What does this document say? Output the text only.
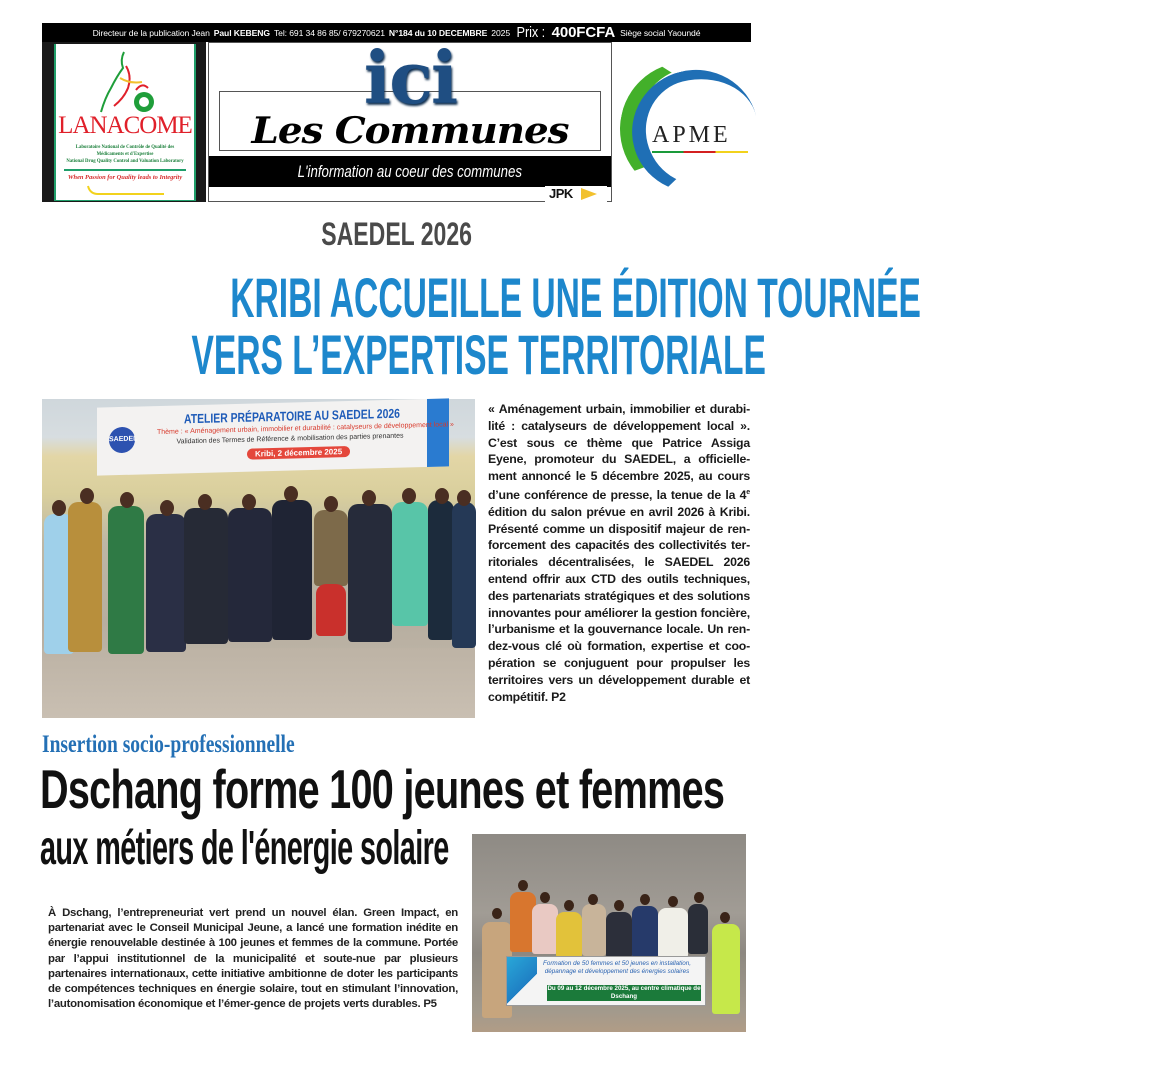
Directeur de la publication Jean Paul KEBENG Tel: 691 34 86 85/ 679270621 N°184 du 10 DECEMBRE 2025 Prix : 400FCFA Siège social Yaoundé
LANACOME
Laboratoire National de Contrôle de Qualité des Médicaments et d'Expertise
National Drug Quality Control and Valuation Laboratory
When Passion for Quality leads to Integrity
ici
Les Communes
L'information au coeur des communes
JPK
APME
SAEDEL 2026
KRIBI ACCUEILLE UNE ÉDITION TOURNÉE
VERS L’EXPERTISE TERRITORIALE
SAEDEL
ATELIER PRÉPARATOIRE AU SAEDEL 2026
Thème : « Aménagement urbain, immobilier et durabilité : catalyseurs de développement local »
Validation des Termes de Référence & mobilisation des parties prenantes
Kribi, 2 décembre 2025
« Aménagement urbain, immobilier et durabi-lité : catalyseurs de développement local ». C’est sous ce thème que Patrice Assiga Eyene, promoteur du SAEDEL, a officielle-ment annoncé le 5 décembre 2025, au cours d’une conférence de presse, la tenue de la 4e édition du salon prévue en avril 2026 à Kribi. Présenté comme un dispositif majeur de ren-forcement des capacités des collectivités ter-ritoriales décentralisées, le SAEDEL 2026 entend offrir aux CTD des outils techniques, des partenariats stratégiques et des solutions innovantes pour améliorer la gestion foncière, l’urbanisme et la gouvernance locale. Un ren-dez-vous clé où formation, expertise et coo-pération se conjuguent pour propulser les territoires vers un développement durable et compétitif. P2
Insertion socio-professionnelle
Dschang forme 100 jeunes et femmes
aux métiers de l'énergie solaire
À Dschang, l’entrepreneuriat vert prend un nouvel élan. Green Impact, en partenariat avec le Conseil Municipal Jeune, a lancé une formation inédite en énergie renouvelable destinée à 100 jeunes et femmes de la commune. Portée par l’appui institutionnel de la municipalité et soute-nue par plusieurs partenaires internationaux, cette initiative ambitionne de doter les participants de compétences techniques en énergie solaire, tout en stimulant l’innovation, l’autonomisation économique et l’émer-gence de projets verts durables. P5
Formation de 50 femmes et 50 jeunes en installation, dépannage et développement des énergies solaires
Du 09 au 12 décembre 2025, au centre climatique de Dschang
